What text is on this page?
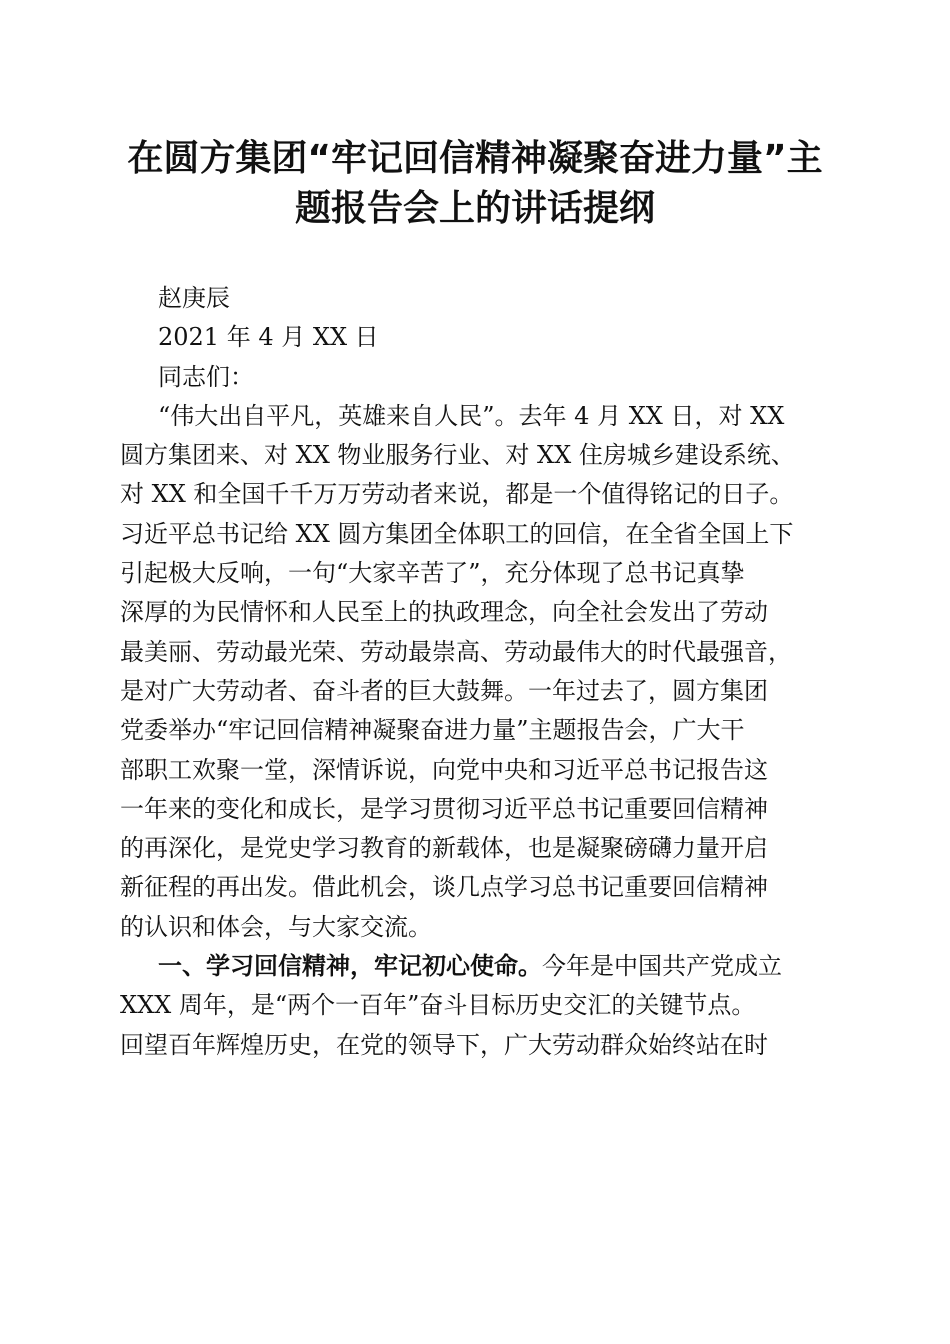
在圆方集团“牢记回信精神凝聚奋进力量”主
题报告会上的讲话提纲
赵庚辰
2021 年 4 月 XX 日
同志们：
“伟大出自平凡，英雄来自人民”。去年 4 月 XX 日，对 XX
圆方集团来、对 XX 物业服务行业、对 XX 住房城乡建设系统、
对 XX 和全国千千万万劳动者来说，都是一个值得铭记的日子。
习近平总书记给 XX 圆方集团全体职工的回信，在全省全国上下
引起极大反响，一句“大家辛苦了”，充分体现了总书记真挚
深厚的为民情怀和人民至上的执政理念，向全社会发出了劳动
最美丽、劳动最光荣、劳动最崇高、劳动最伟大的时代最强音，
是对广大劳动者、奋斗者的巨大鼓舞。一年过去了，圆方集团
党委举办“牢记回信精神凝聚奋进力量”主题报告会，广大干
部职工欢聚一堂，深情诉说，向党中央和习近平总书记报告这
一年来的变化和成长，是学习贯彻习近平总书记重要回信精神
的再深化，是党史学习教育的新载体，也是凝聚磅礴力量开启
新征程的再出发。借此机会，谈几点学习总书记重要回信精神
的认识和体会，与大家交流。
一、学习回信精神，牢记初心使命。今年是中国共产党成立
XXX 周年，是“两个一百年”奋斗目标历史交汇的关键节点。
回望百年辉煌历史，在党的领导下，广大劳动群众始终站在时
